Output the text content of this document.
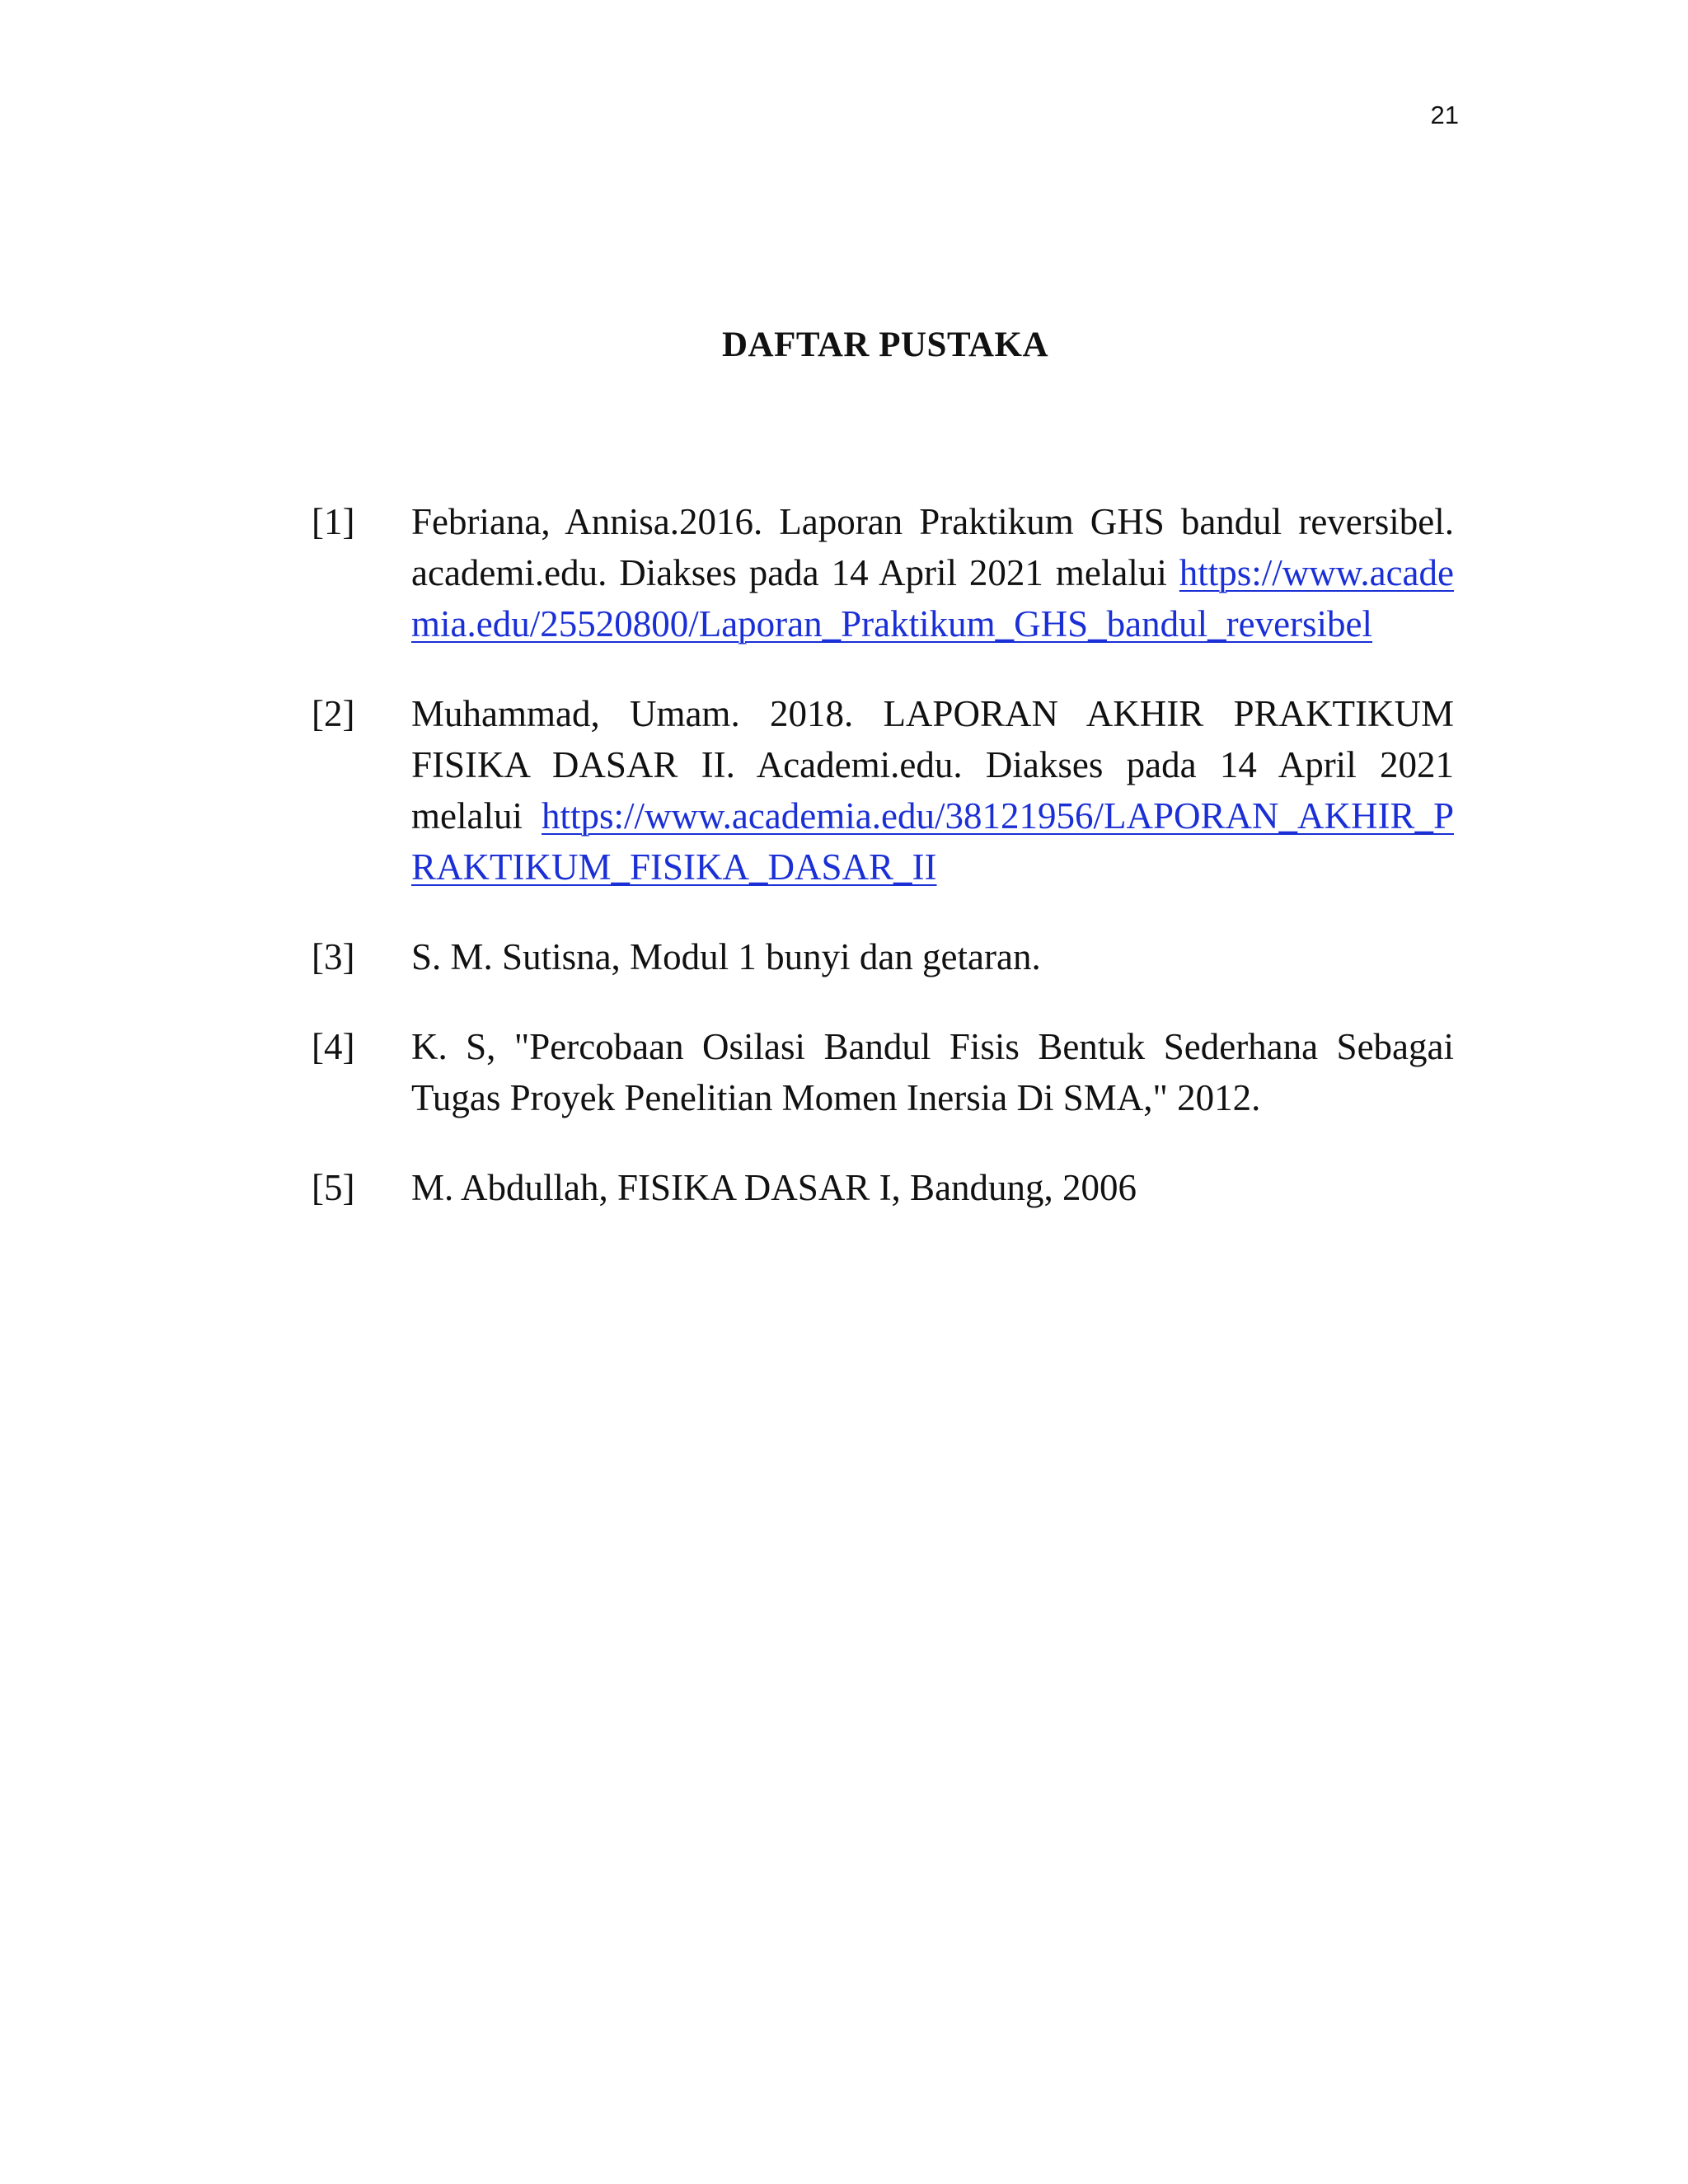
21
DAFTAR PUSTAKA
[1] Febriana, Annisa.2016. Laporan Praktikum GHS bandul reversibel. academi.edu. Diakses pada 14 April 2021 melalui https://www.academia.edu/25520800/Laporan_Praktikum_GHS_bandul_reversibel
[2] Muhammad, Umam. 2018. LAPORAN AKHIR PRAKTIKUM FISIKA DASAR II. Academi.edu. Diakses pada 14 April 2021 melalui https://www.academia.edu/38121956/LAPORAN_AKHIR_PRAKTIKUM_FISIKA_DASAR_II
[3] S. M. Sutisna, Modul 1 bunyi dan getaran.
[4] K. S, "Percobaan Osilasi Bandul Fisis Bentuk Sederhana Sebagai Tugas Proyek Penelitian Momen Inersia Di SMA," 2012.
[5] M. Abdullah, FISIKA DASAR I, Bandung, 2006
